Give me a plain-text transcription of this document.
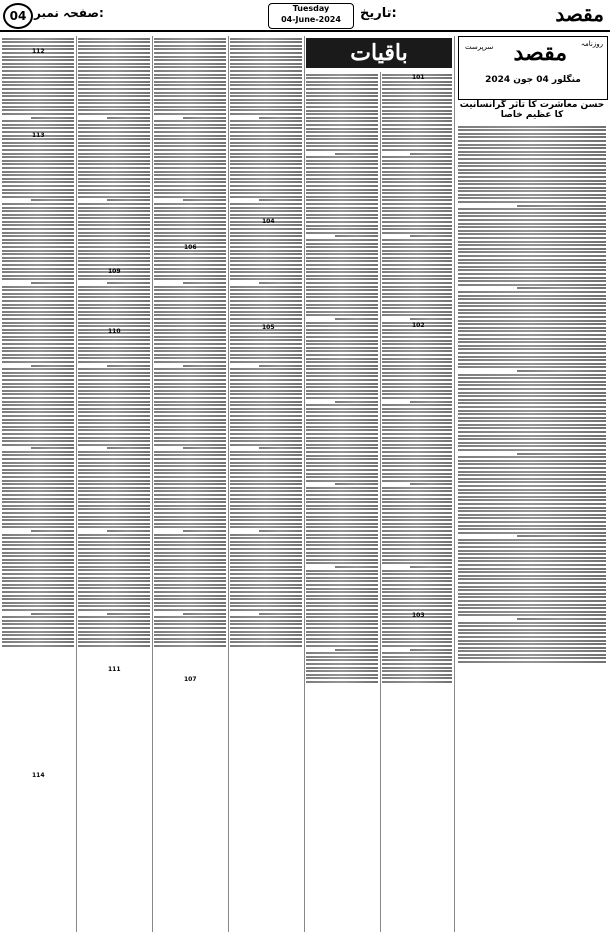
مقصد
تاریخ:
Tuesday
04-June-2024
صفحہ نمبر:
04
روزنامہ
مقصد
سرپرست
منگلور 04 جون 2024
حسن معاشرت کا تاثر گرانسانیت کا عظیم خاصا
باقیات
101
102
103
104
105
106
107
109
110
111
112
113
114
